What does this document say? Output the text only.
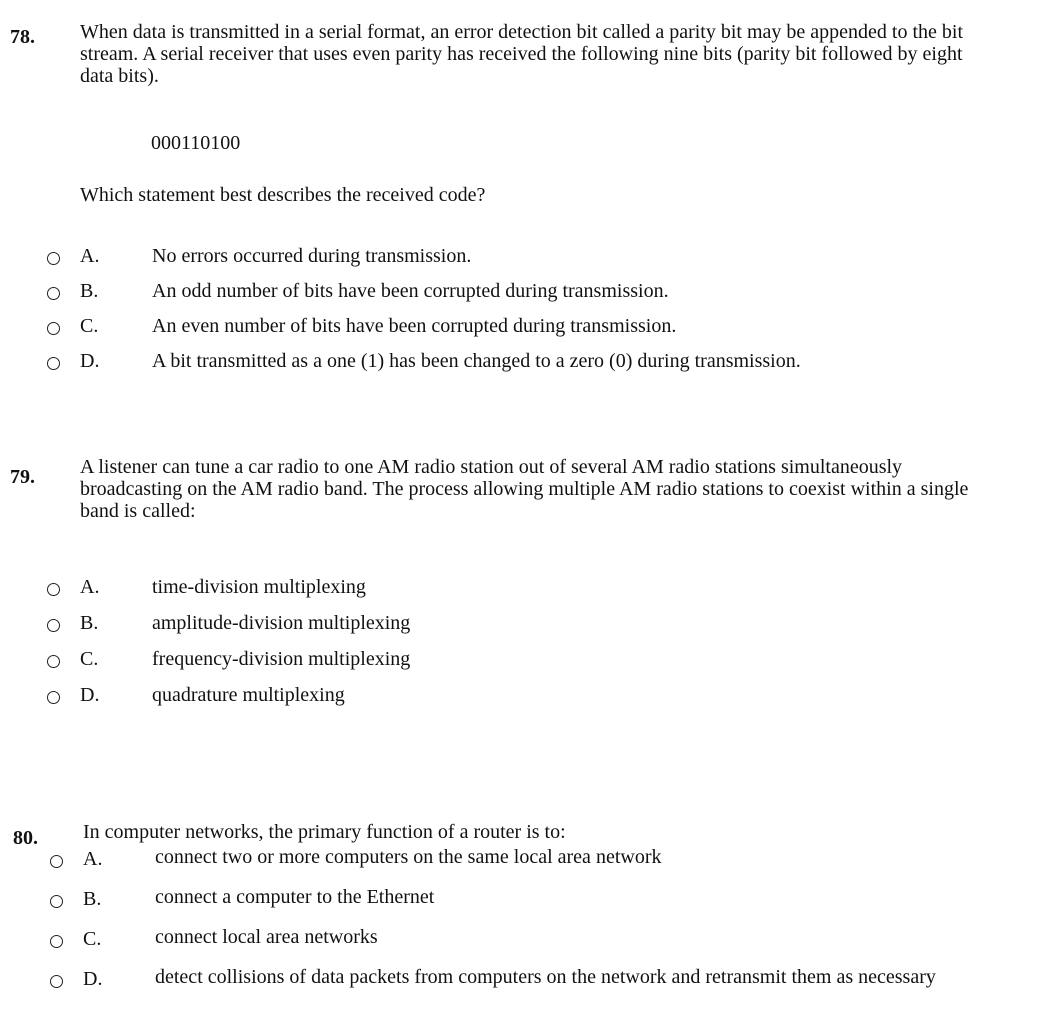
78. When data is transmitted in a serial format, an error detection bit called a parity bit may be appended to the bit stream. A serial receiver that uses even parity has received the following nine bits (parity bit followed by eight data bits).
000110100
Which statement best describes the received code?
A.	No errors occurred during transmission.
B.	An odd number of bits have been corrupted during transmission.
C.	An even number of bits have been corrupted during transmission.
D.	A bit transmitted as a one (1) has been changed to a zero (0) during transmission.
79. A listener can tune a car radio to one AM radio station out of several AM radio stations simultaneously broadcasting on the AM radio band. The process allowing multiple AM radio stations to coexist within a single band is called:
A.	time-division multiplexing
B.	amplitude-division multiplexing
C.	frequency-division multiplexing
D.	quadrature multiplexing
80. In computer networks, the primary function of a router is to:
A.	connect two or more computers on the same local area network
B.	connect a computer to the Ethernet
C.	connect local area networks
D.	detect collisions of data packets from computers on the network and retransmit them as necessary
